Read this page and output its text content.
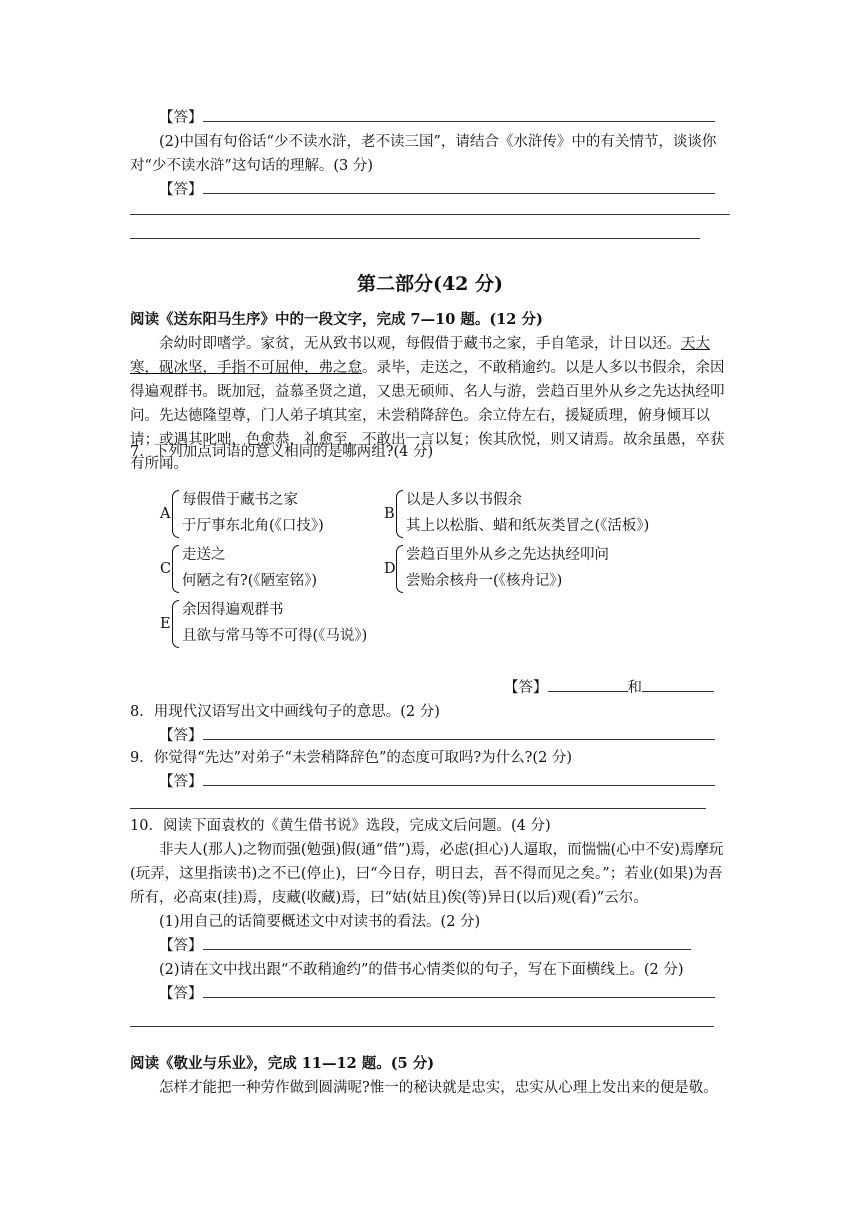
【答】

(2)中国有句俗话“少不读水浒，老不读三国”，请结合《水浒传》中的有关情节，谈谈你对“少不读水浒”这句话的理解。(3 分)

【答】

第二部分(42 分)

阅读《送东阳马生序》中的一段文字，完成 7—10 题。(12 分)

余幼时即嗜学。家贫，无从致书以观，每假借于藏书之家，手自笔录，计日以还。天大寒，砚冰坚，手指不可屈伸，弗之怠。录毕，走送之，不敢稍逾约。以是人多以书假余，余因得遍观群书。既加冠，益慕圣贤之道，又患无硕师、名人与游，尝趋百里外从乡之先达执经叩问。先达德隆望尊，门人弟子填其室，未尝稍降辞色。余立侍左右，援疑质理，俯身倾耳以请；或遇其叱咄，色愈恭，礼愈至，不敢出一言以复；俟其欣悦，则又请焉。故余虽愚，卒获有所闻。

7．下列加点词语的意义相同的是哪两组?(4 分)

A
每假借于藏书之家
于厅事东北角(《口技》)
B
以是人多以书假余
其上以松脂、蜡和纸灰类冒之(《活板》)
C
走送之
何陋之有?(《陋室铭》)
D
尝趋百里外从乡之先达执经叩问
尝贻余核舟一(《核舟记》)
E
余因得遍观群书
且欲与常马等不可得(《马说》)
【答】	和

8．用现代汉语写出文中画线句子的意思。(2 分)

【答】

9．你觉得“先达”对弟子“未尝稍降辞色”的态度可取吗?为什么?(2 分)

【答】

10．阅读下面袁枚的《黄生借书说》选段，完成文后问题。(4 分)

非夫人(那人)之物而强(勉强)假(通“借”)焉，必虑(担心)人逼取，而惴惴(心中不安)焉摩玩(玩弄，这里指读书)之不已(停止)，曰“今日存，明日去，吾不得而见之矣。”；若业(如果)为吾所有，必高束(挂)焉，庋藏(收藏)焉，曰“姑(姑且)俟(等)异日(以后)观(看)”云尔。

(1)用自己的话简要概述文中对读书的看法。(2 分)

【答】

(2)请在文中找出跟“不敢稍逾约”的借书心情类似的句子，写在下面横线上。(2 分)

【答】

阅读《敬业与乐业》，完成 11—12 题。(5 分)

怎样才能把一种劳作做到圆满呢?惟一的秘诀就是忠实，忠实从心理上发出来的便是敬。
